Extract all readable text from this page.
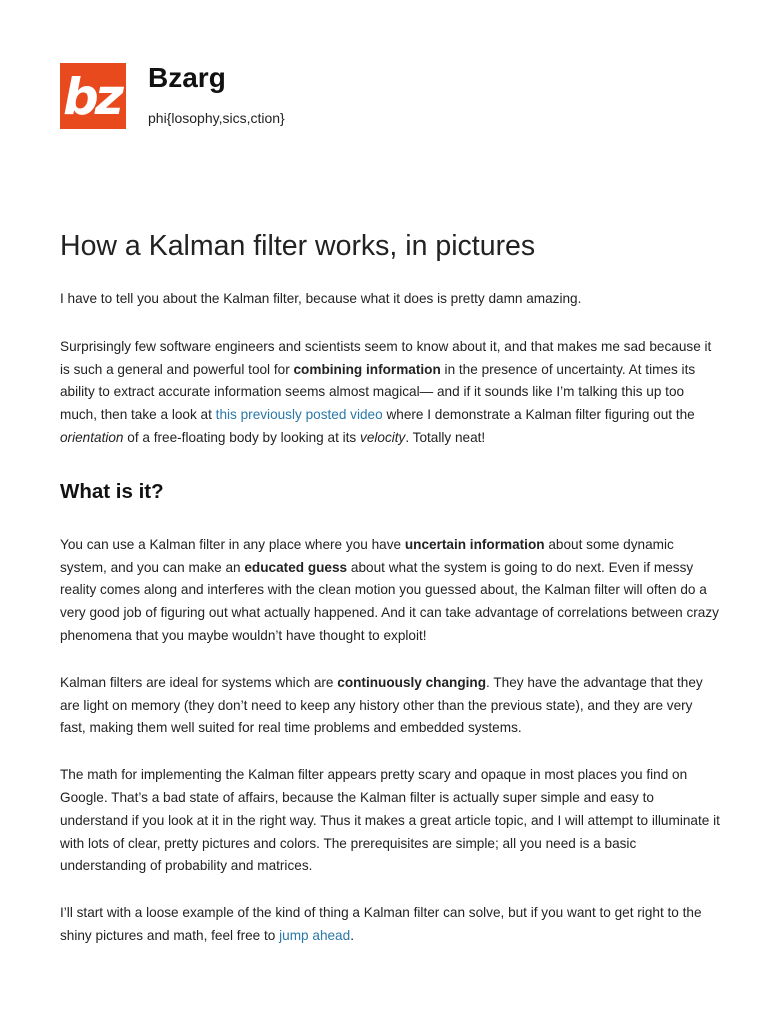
bz Bzarg

phi{losophy,sics,ction}

How a Kalman filter works, in pictures

I have to tell you about the Kalman filter, because what it does is pretty damn amazing.

Surprisingly few software engineers and scientists seem to know about it, and that makes me sad because it is such a general and powerful tool for combining information in the presence of uncertainty. At times its ability to extract accurate information seems almost magical— and if it sounds like I’m talking this up too much, then take a look at this previously posted video where I demonstrate a Kalman filter figuring out the orientation of a free-floating body by looking at its velocity. Totally neat!

What is it?

You can use a Kalman filter in any place where you have uncertain information about some dynamic system, and you can make an educated guess about what the system is going to do next. Even if messy reality comes along and interferes with the clean motion you guessed about, the Kalman filter will often do a very good job of figuring out what actually happened. And it can take advantage of correlations between crazy phenomena that you maybe wouldn’t have thought to exploit!

Kalman filters are ideal for systems which are continuously changing. They have the advantage that they are light on memory (they don’t need to keep any history other than the previous state), and they are very fast, making them well suited for real time problems and embedded systems.

The math for implementing the Kalman filter appears pretty scary and opaque in most places you find on Google. That’s a bad state of affairs, because the Kalman filter is actually super simple and easy to understand if you look at it in the right way. Thus it makes a great article topic, and I will attempt to illuminate it with lots of clear, pretty pictures and colors. The prerequisites are simple; all you need is a basic understanding of probability and matrices.

I’ll start with a loose example of the kind of thing a Kalman filter can solve, but if you want to get right to the shiny pictures and math, feel free to jump ahead.
